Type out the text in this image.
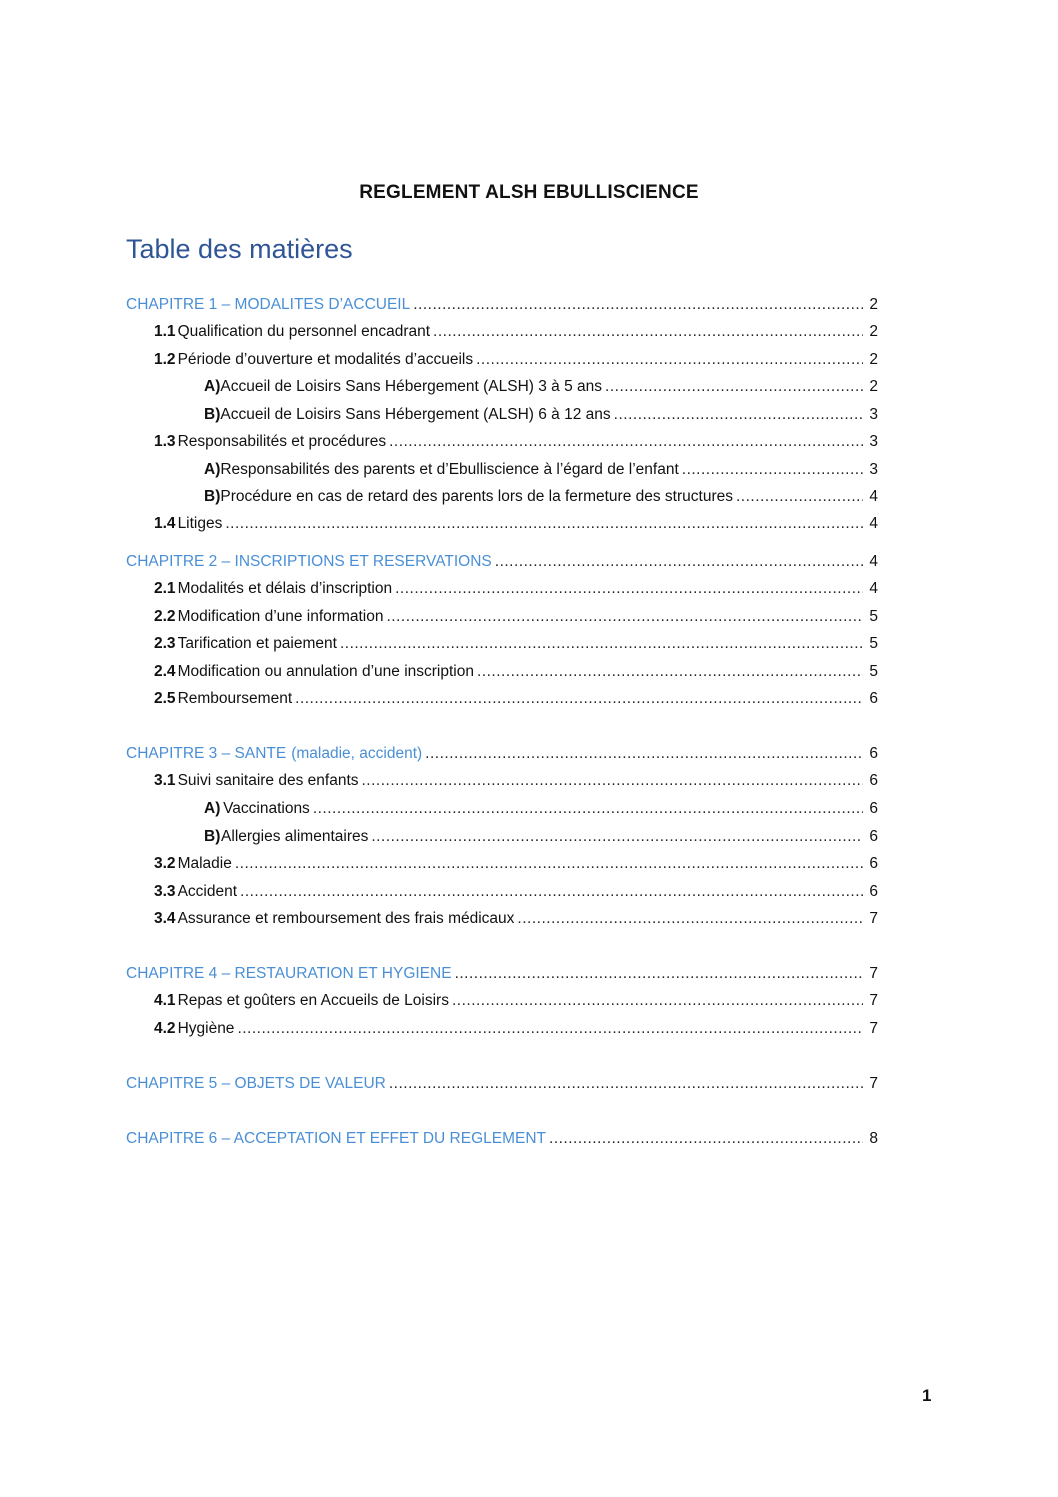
REGLEMENT ALSH EBULLISCIENCE
Table des matières
CHAPITRE 1 – MODALITES D’ACCUEIL .....	2
1.1 Qualification du personnel encadrant .....	2
1.2 Période d’ouverture et modalités d’accueils .....	2
A) Accueil de Loisirs Sans Hébergement (ALSH) 3 à 5 ans .....	2
B) Accueil de Loisirs Sans Hébergement (ALSH) 6 à 12 ans .....	3
1.3 Responsabilités et procédures .....	3
A) Responsabilités des parents et d’Ebulliscience à l’égard de l’enfant .....	3
B) Procédure en cas de retard des parents lors de la fermeture des structures .....	4
1.4 Litiges .....	4
CHAPITRE 2 – INSCRIPTIONS ET RESERVATIONS .....	4
2.1 Modalités et délais d’inscription .....	4
2.2 Modification d’une information .....	5
2.3 Tarification et paiement .....	5
2.4 Modification ou annulation d’une inscription .....	5
2.5 Remboursement .....	6
CHAPITRE 3 – SANTE (maladie, accident) .....	6
3.1 Suivi sanitaire des enfants .....	6
A) Vaccinations .....	6
B) Allergies alimentaires .....	6
3.2 Maladie .....	6
3.3 Accident .....	6
3.4 Assurance et remboursement des frais médicaux .....	7
CHAPITRE 4 – RESTAURATION ET HYGIENE .....	7
4.1 Repas et goûters en Accueils de Loisirs .....	7
4.2 Hygiène .....	7
CHAPITRE 5 – OBJETS DE VALEUR .....	7
CHAPITRE 6 – ACCEPTATION ET EFFET DU REGLEMENT .....	8
1
